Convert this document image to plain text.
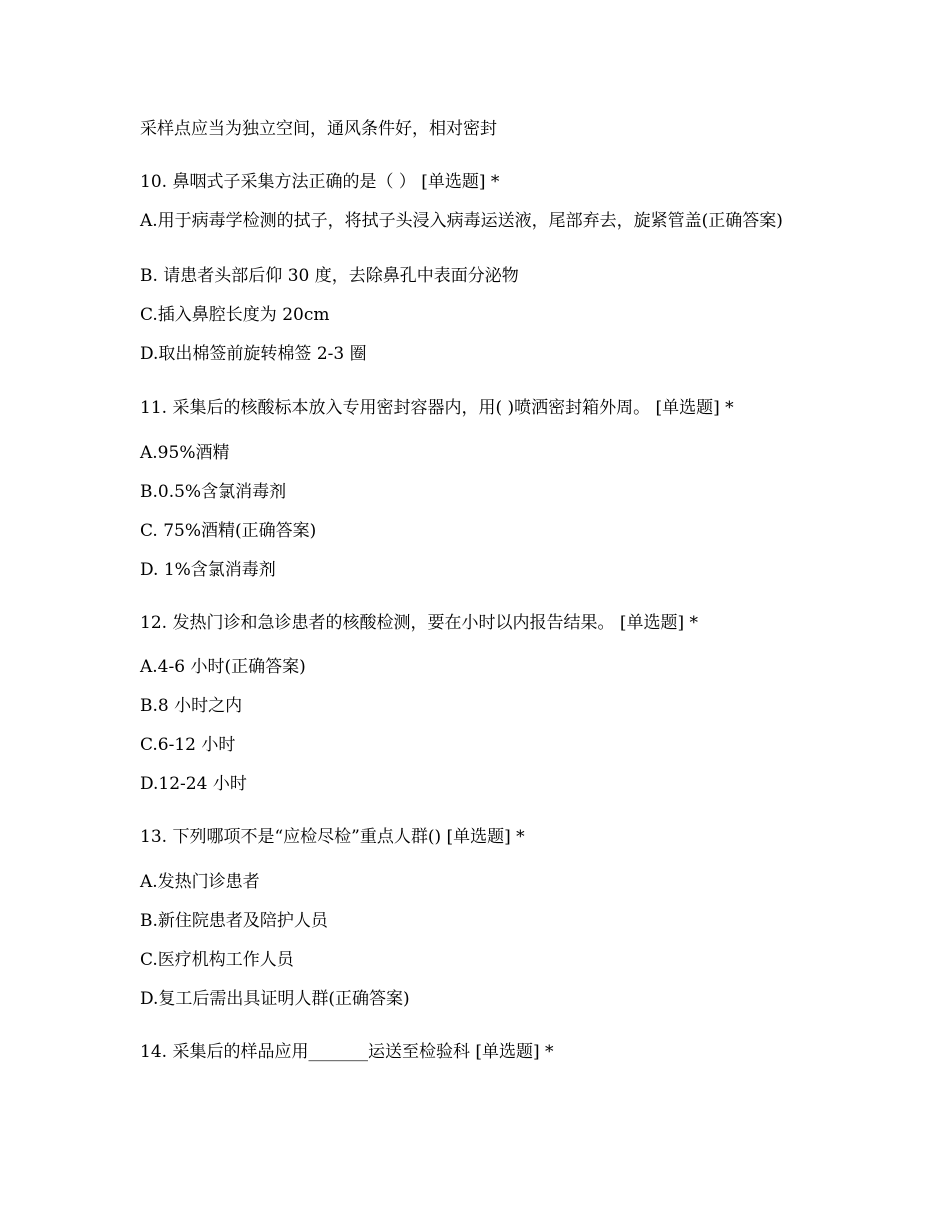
采样点应当为独立空间，通风条件好，相对密封
10. 鼻咽式子采集方法正确的是（ ） [单选题] *
A.用于病毒学检测的拭子，将拭子头浸入病毒运送液，尾部弃去，旋紧管盖(正确答案)
B. 请患者头部后仰 30 度，去除鼻孔中表面分泌物
C.插入鼻腔长度为 20cm
D.取出棉签前旋转棉签 2-3 圈
11. 采集后的核酸标本放入专用密封容器内，用( )喷洒密封箱外周。 [单选题] *
A.95%酒精
B.0.5%含氯消毒剂
C. 75%酒精(正确答案)
D. 1%含氯消毒剂
12. 发热门诊和急诊患者的核酸检测，要在小时以内报告结果。 [单选题] *
A.4-6 小时(正确答案)
B.8 小时之内
C.6-12 小时
D.12-24 小时
13. 下列哪项不是“应检尽检”重点人群() [单选题] *
A.发热门诊患者
B.新住院患者及陪护人员
C.医疗机构工作人员
D.复工后需出具证明人群(正确答案)
14. 采集后的样品应用_______运送至检验科 [单选题] *
